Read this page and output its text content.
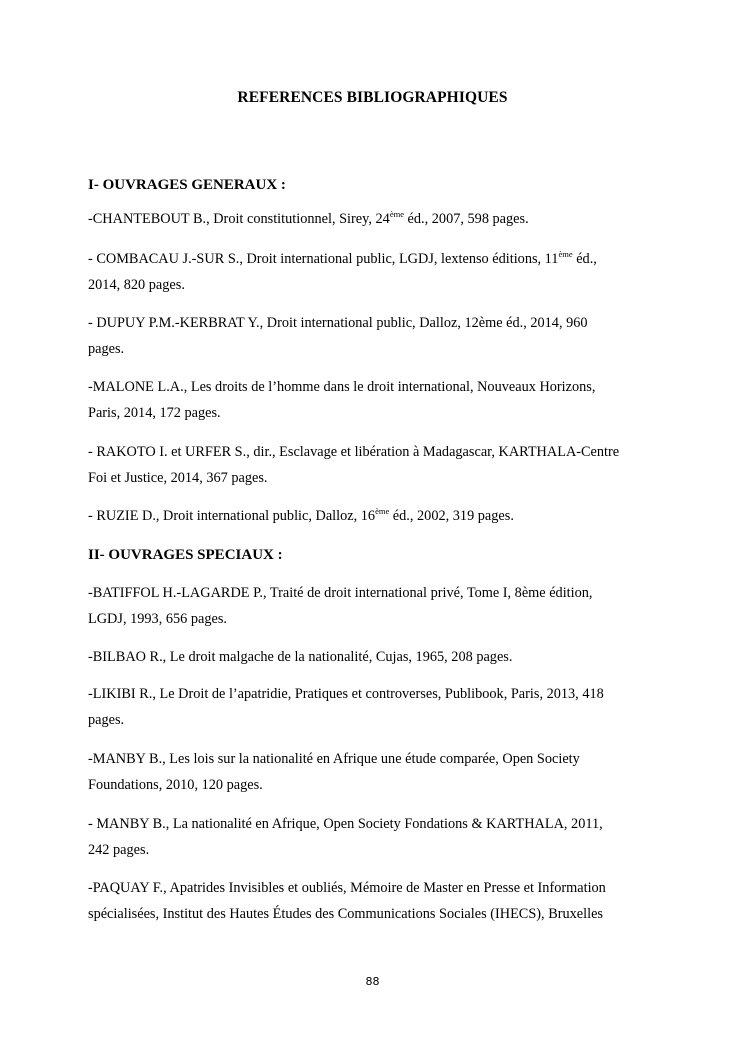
REFERENCES BIBLIOGRAPHIQUES
I- OUVRAGES GENERAUX :
-CHANTEBOUT B., Droit constitutionnel, Sirey, 24ème éd., 2007, 598 pages.
- COMBACAU J.-SUR S., Droit international public, LGDJ, lextenso éditions, 11ème éd.,
2014, 820 pages.
- DUPUY P.M.-KERBRAT Y., Droit international public, Dalloz, 12ème éd., 2014, 960
pages.
-MALONE L.A., Les droits de l’homme dans le droit international, Nouveaux Horizons,
Paris, 2014, 172 pages.
- RAKOTO I. et URFER S., dir., Esclavage et libération à Madagascar, KARTHALA-Centre
Foi et Justice, 2014, 367 pages.
- RUZIE D., Droit international public, Dalloz, 16ème éd., 2002, 319 pages.
II- OUVRAGES SPECIAUX :
-BATIFFOL H.-LAGARDE P., Traité de droit international privé, Tome I, 8ème édition,
LGDJ, 1993, 656 pages.
-BILBAO R., Le droit malgache de la nationalité, Cujas, 1965, 208 pages.
-LIKIBI R., Le Droit de l’apatridie, Pratiques et controverses, Publibook, Paris, 2013, 418
pages.
-MANBY B., Les lois sur la nationalité en Afrique une étude comparée, Open Society
Foundations, 2010, 120 pages.
- MANBY B., La nationalité en Afrique, Open Society Fondations & KARTHALA, 2011,
242 pages.
-PAQUAY F., Apatrides Invisibles et oubliés, Mémoire de Master en Presse et Information
spécialisées, Institut des Hautes Études des Communications Sociales (IHECS), Bruxelles
88
